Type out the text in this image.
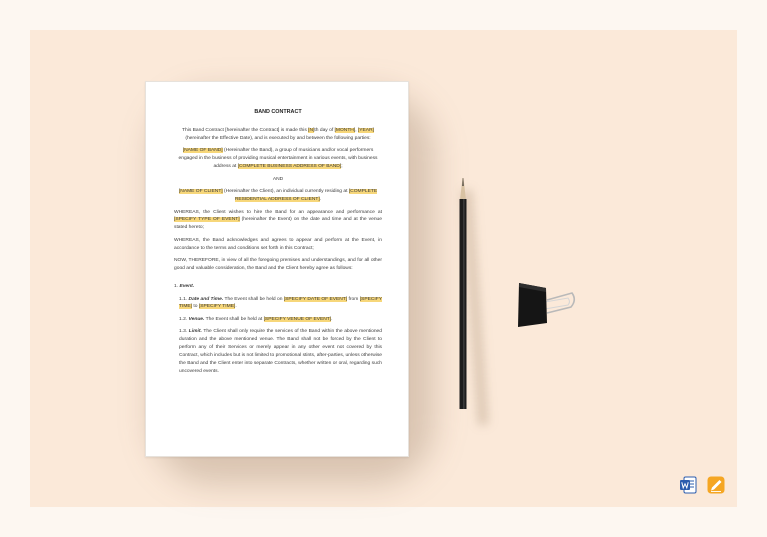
BAND CONTRACT

This Band Contract [hereinafter the Contract] is made this [N]th day of [MONTH], [YEAR] (hereinafter the Effective Date), and is executed by and between the following parties:

[NAME OF BAND] (Hereinafter the Band), a group of musicians and/or vocal performers engaged in the business of providing musical entertainment in various events, with business address at [COMPLETE BUSINESS ADDRESS OF BAND];

AND

[NAME OF CLIENT] (Hereinafter the Client), an individual currently residing at [COMPLETE RESIDENTIAL ADDRESS OF CLIENT].

WHEREAS, the Client wishes to hire the Band for an appearance and performance at [SPECIFY TYPE OF EVENT] (hereinafter the Event) on the date and time and at the venue stated hereto;

WHEREAS, the Band acknowledges and agrees to appear and perform at the Event, in accordance to the terms and conditions set forth in this Contract;

NOW, THEREFORE, in view of all the foregoing premises and understandings, and for all other good and valuable consideration, the Band and the Client hereby agree as follows:

1. Event.

1.1. Date and Time. The Event shall be held on [SPECIFY DATE OF EVENT] from [SPECIFY TIME] to [SPECIFY TIME].

1.2. Venue. The Event shall be held at [SPECIFY VENUE OF EVENT].

1.3. Limit. The Client shall only require the services of the Band within the above mentioned duration and the above mentioned venue. The Band shall not be forced by the Client to perform any of their Services or merely appear in any other event not covered by this Contract, which includes but is not limited to promotional stints, after-parties, unless otherwise the Band and the Client enter into separate Contracts, whether written or oral, regarding such uncovered events.
